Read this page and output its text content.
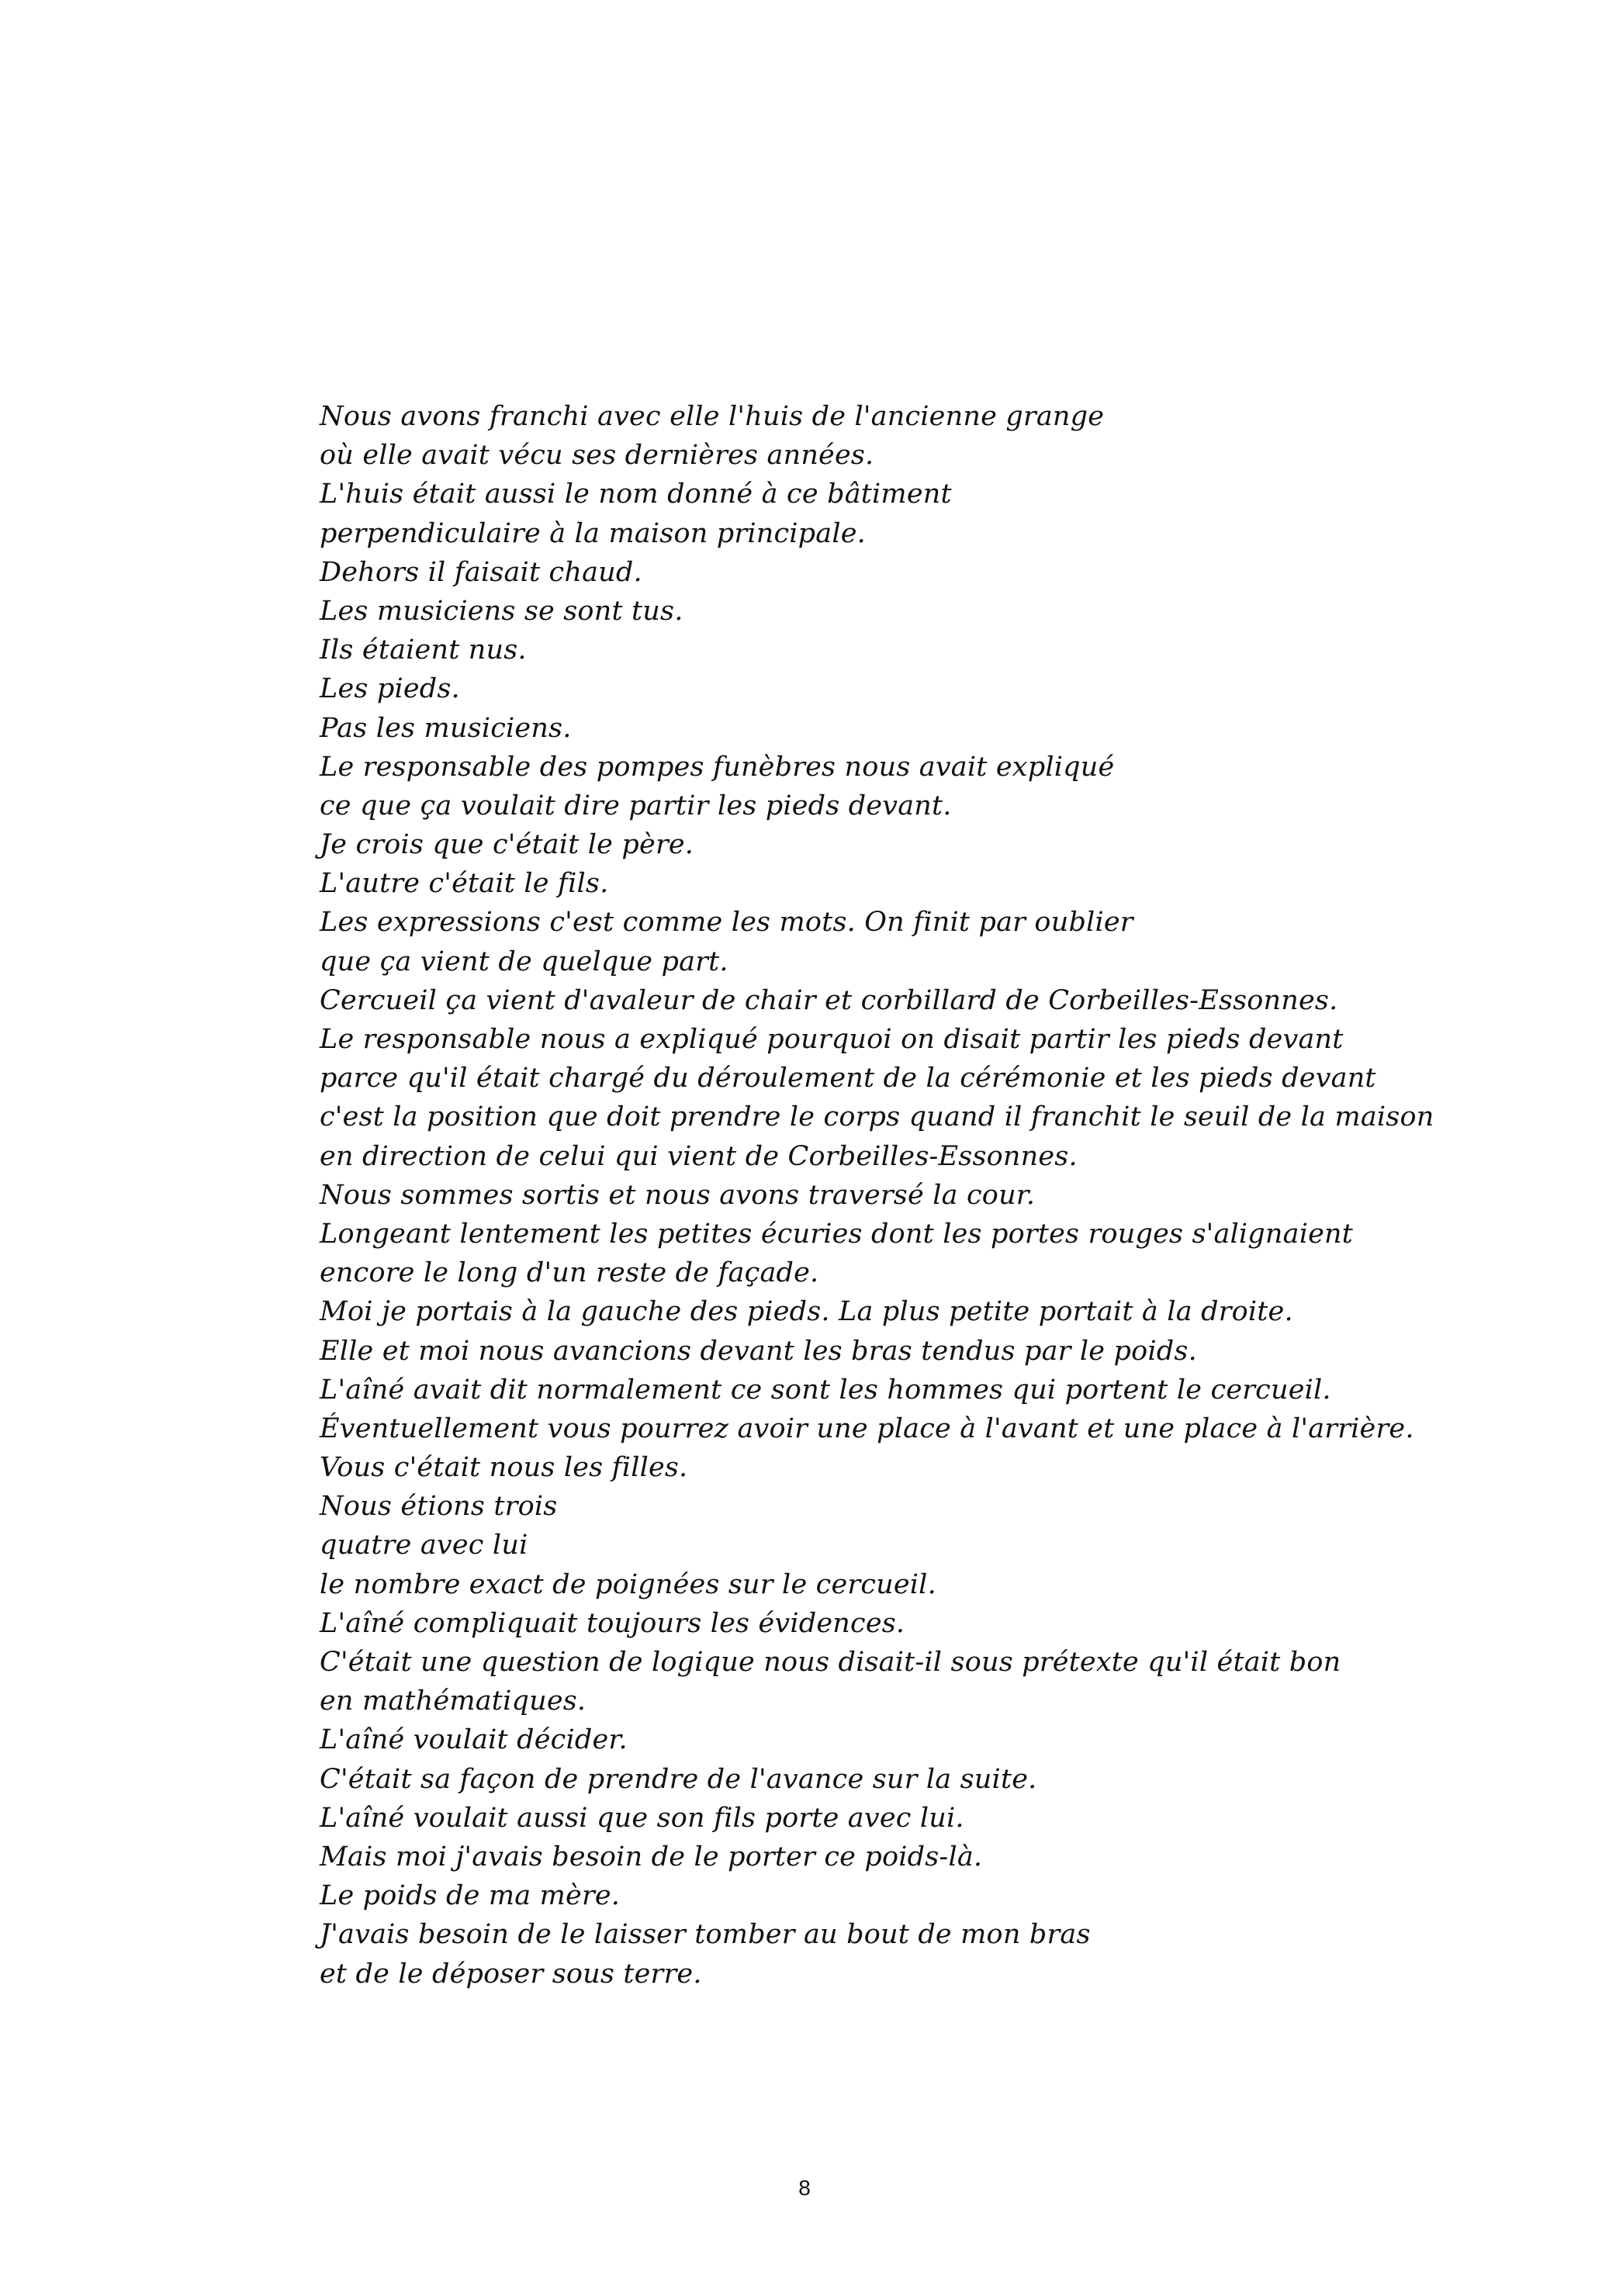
Nous avons franchi avec elle l'huis de l'ancienne grange
où elle avait vécu ses dernières années.
L'huis était aussi le nom donné à ce bâtiment
perpendiculaire à la maison principale.
Dehors il faisait chaud.
Les musiciens se sont tus.
Ils étaient nus.
Les pieds.
Pas les musiciens.
Le responsable des pompes funèbres nous avait expliqué
ce que ça voulait dire partir les pieds devant.
Je crois que c'était le père.
L'autre c'était le fils.
Les expressions c'est comme les mots. On finit par oublier
que ça vient de quelque part.
Cercueil ça vient d'avaleur de chair et corbillard de Corbeilles-Essonnes.
Le responsable nous a expliqué pourquoi on disait partir les pieds devant
parce qu'il était chargé du déroulement de la cérémonie et les pieds devant
c'est la position que doit prendre le corps quand il franchit le seuil de la maison
en direction de celui qui vient de Corbeilles-Essonnes.
Nous sommes sortis et nous avons traversé la cour.
Longeant lentement les petites écuries dont les portes rouges s'alignaient
encore le long d'un reste de façade.
Moi je portais à la gauche des pieds. La plus petite portait à la droite.
Elle et moi nous avancions devant les bras tendus par le poids.
L'aîné avait dit normalement ce sont les hommes qui portent le cercueil.
Éventuellement vous pourrez avoir une place à l'avant et une place à l'arrière.
Vous c'était nous les filles.
Nous étions trois
quatre avec lui
le nombre exact de poignées sur le cercueil.
L'aîné compliquait toujours les évidences.
C'était une question de logique nous disait-il sous prétexte qu'il était bon
en mathématiques.
L'aîné voulait décider.
C'était sa façon de prendre de l'avance sur la suite.
L'aîné voulait aussi que son fils porte avec lui.
Mais moi j'avais besoin de le porter ce poids-là.
Le poids de ma mère.
J'avais besoin de le laisser tomber au bout de mon bras
et de le déposer sous terre.
8
